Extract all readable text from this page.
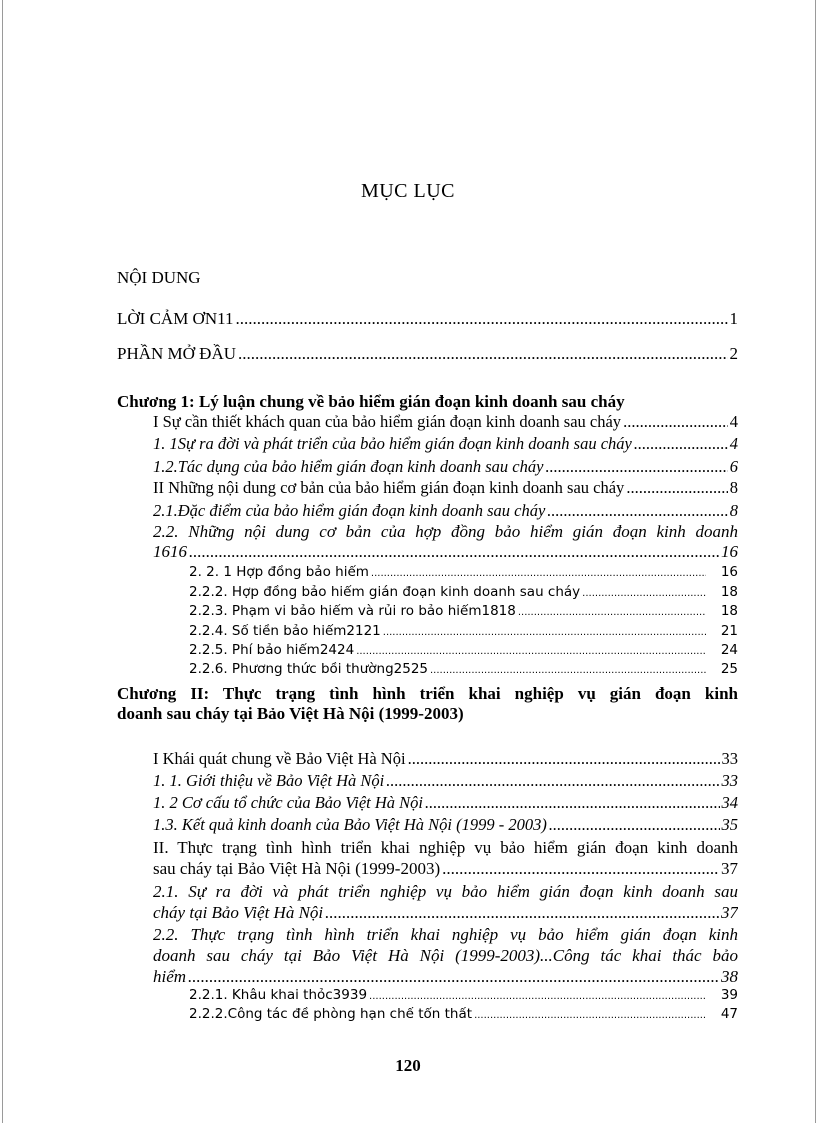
MỤC LỤC
NỘI DUNG
LỜI CẢM ƠN11 .....	1
PHẦN MỞ ĐẦU .....	2
Chương 1: Lý luận chung về bảo hiểm gián đoạn kinh doanh sau cháy
I Sự cần thiết khách quan của bảo hiểm gián đoạn kinh doanh sau cháy .....	4
1. 1Sự ra đời và phát triển của bảo hiểm gián đoạn kinh doanh sau cháy .....	4
1.2.Tác dụng của bảo hiểm gián đoạn kinh doanh sau cháy .....	6
II Những nội dung cơ bản của bảo hiểm gián đoạn kinh doanh sau cháy .....	8
2.1.Đặc điểm của bảo hiểm gián đoạn kinh doanh sau cháy .....	8
2.2. Những nội dung cơ bản của hợp đồng bảo hiểm gián đoạn kinh doanh
1616 .....	16
2. 2. 1 Hợp đồng bảo hiểm .....	16
2.2.2. Hợp đồng bảo hiểm gián đoạn kinh doanh sau cháy .....	18
2.2.3. Phạm vi bảo hiểm và rủi ro bảo hiểm1818 .....	18
2.2.4. Số tiền bảo hiểm2121 .....	21
2.2.5. Phí bảo hiểm2424 .....	24
2.2.6. Phương thức bồi thường2525 .....	25
Chương II: Thực trạng tình hình triển khai nghiệp vụ gián đoạn kinh
doanh sau cháy tại Bảo Việt Hà Nội (1999-2003)
I Khái quát chung về Bảo Việt Hà Nội .....	33
1. 1. Giới thiệu về Bảo Việt Hà Nội .....	33
1. 2 Cơ cấu tổ chức của Bảo Việt Hà Nội .....	34
1.3. Kết quả kinh doanh của Bảo Việt Hà Nội (1999 - 2003) .....	35
II. Thực trạng tình hình triển khai nghiệp vụ bảo hiểm gián đoạn kinh doanh
sau cháy tại Bảo Việt Hà Nội (1999-2003) .....	37
2.1. Sự ra đời và phát triển nghiệp vụ bảo hiểm gián đoạn kinh doanh sau
cháy tại Bảo Việt Hà Nội .....	37
2.2. Thực trạng tình hình triển khai nghiệp vụ bảo hiểm gián đoạn kinh
doanh sau cháy tại Bảo Việt Hà Nội (1999-2003)...Công tác khai thác bảo
hiểm .....	38
2.2.1. Khâu khai thỏc3939 .....	39
2.2.2.Công tác đề phòng hạn chế tổn thất .....	47
120
